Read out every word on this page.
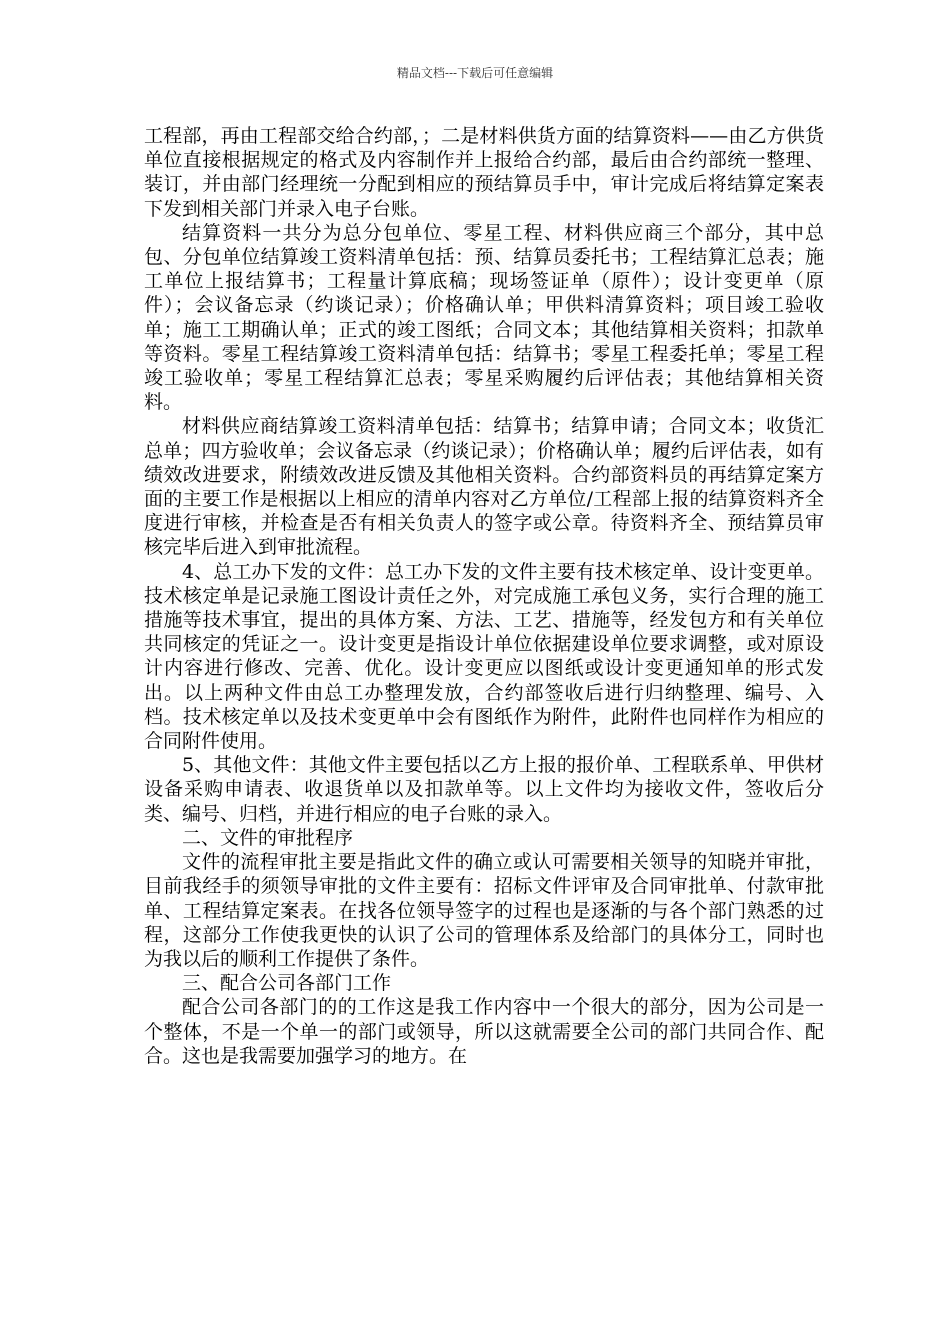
精品文档---下载后可任意编辑

工程部，再由工程部交给合约部，；二是材料供货方面的结算资料——由乙方供货单位直接根据规定的格式及内容制作并上报给合约部，最后由合约部统一整理、装订，并由部门经理统一分配到相应的预结算员手中，审计完成后将结算定案表下发到相关部门并录入电子台账。

结算资料一共分为总分包单位、零星工程、材料供应商三个部分，其中总包、分包单位结算竣工资料清单包括：预、结算员委托书；工程结算汇总表；施工单位上报结算书；工程量计算底稿；现场签证单（原件）；设计变更单（原件）；会议备忘录（约谈记录）；价格确认单；甲供料清算资料；项目竣工验收单；施工工期确认单；正式的竣工图纸；合同文本；其他结算相关资料；扣款单等资料。零星工程结算竣工资料清单包括：结算书；零星工程委托单；零星工程竣工验收单；零星工程结算汇总表；零星采购履约后评估表；其他结算相关资料。

材料供应商结算竣工资料清单包括：结算书；结算申请；合同文本；收货汇总单；四方验收单；会议备忘录（约谈记录）；价格确认单；履约后评估表，如有绩效改进要求，附绩效改进反馈及其他相关资料。合约部资料员的再结算定案方面的主要工作是根据以上相应的清单内容对乙方单位/工程部上报的结算资料齐全度进行审核，并检查是否有相关负责人的签字或公章。待资料齐全、预结算员审核完毕后进入到审批流程。

4、总工办下发的文件：总工办下发的文件主要有技术核定单、设计变更单。技术核定单是记录施工图设计责任之外，对完成施工承包义务，实行合理的施工措施等技术事宜，提出的具体方案、方法、工艺、措施等，经发包方和有关单位共同核定的凭证之一。设计变更是指设计单位依据建设单位要求调整，或对原设计内容进行修改、完善、优化。设计变更应以图纸或设计变更通知单的形式发出。以上两种文件由总工办整理发放，合约部签收后进行归纳整理、编号、入档。技术核定单以及技术变更单中会有图纸作为附件，此附件也同样作为相应的合同附件使用。

5、其他文件：其他文件主要包括以乙方上报的报价单、工程联系单、甲供材设备采购申请表、收退货单以及扣款单等。以上文件均为接收文件，签收后分类、编号、归档，并进行相应的电子台账的录入。

二、文件的审批程序

文件的流程审批主要是指此文件的确立或认可需要相关领导的知晓并审批，目前我经手的须领导审批的文件主要有：招标文件评审及合同审批单、付款审批单、工程结算定案表。在找各位领导签字的过程也是逐渐的与各个部门熟悉的过程，这部分工作使我更快的认识了公司的管理体系及给部门的具体分工，同时也为我以后的顺利工作提供了条件。

三、配合公司各部门工作

配合公司各部门的的工作这是我工作内容中一个很大的部分，因为公司是一个整体，不是一个单一的部门或领导，所以这就需要全公司的部门共同合作、配合。这也是我需要加强学习的地方。在
